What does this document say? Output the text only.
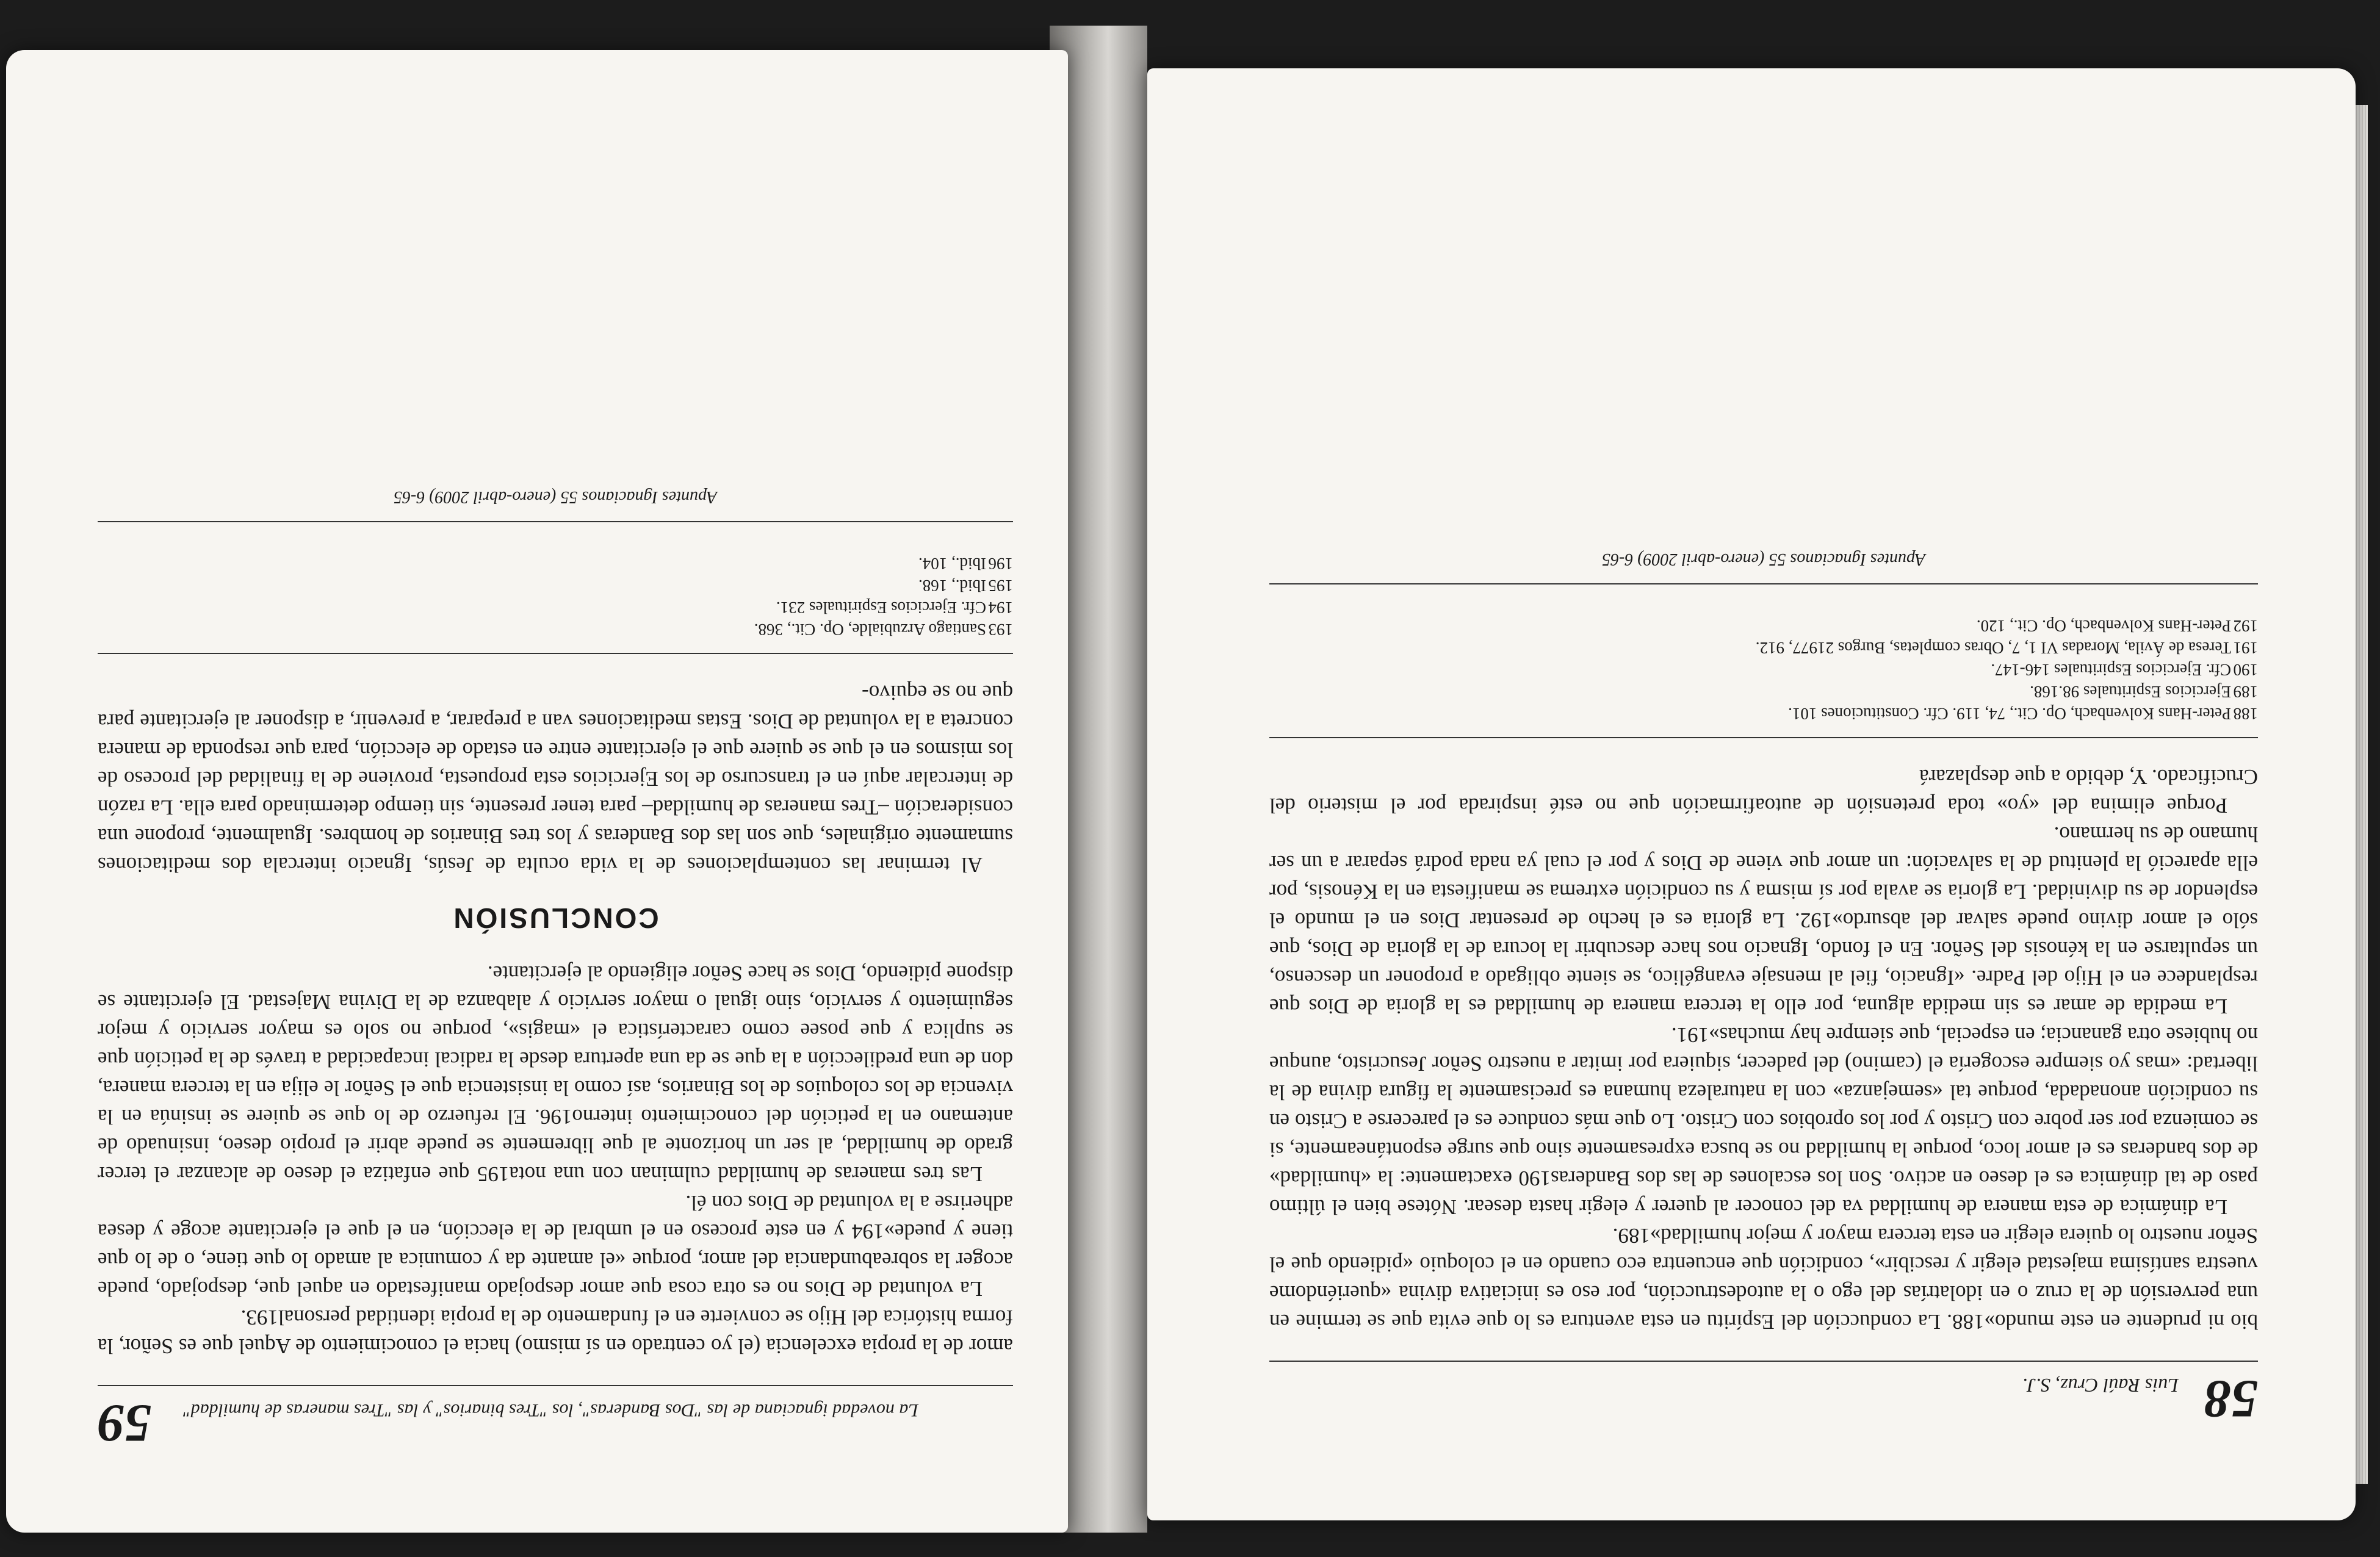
58
Luis Raúl Cruz, S.J.

bio ni prudente en este mundo»188. La conducción del Espíritu en esta aventura es lo que evita que se termine en una perversión de la cruz o en idolatrías del ego o la autodestrucción, por eso es iniciativa divina «queriéndome vuestra santísima majestad elegir y rescibir», condición que encuentra eco cuando en el coloquio «pidiendo que el Señor nuestro lo quiera elegir en esta tercera mayor y mejor humildad»189.

La dinámica de esta manera de humildad va del conocer al querer y elegir hasta desear. Nótese bien el último paso de tal dinámica es el deseo en activo. Son los escalones de las dos Banderas190 exactamente: la «humildad» de dos banderas es el amor loco, porque la humildad no se busca expresamente sino que surge espontáneamente, si se comienza por ser pobre con Cristo y por los oprobios con Cristo. Lo que más conduce es el parecerse a Cristo en su condición anonadada, porque tal «semejanza» con la naturaleza humana es precisamente la figura divina de la libertad: «mas yo siempre escogería el (camino) del padecer, siquiera por imitar a nuestro Señor Jesucristo, aunque no hubiese otra ganancia; en especial, que siempre hay muchas»191.

La medida de amar es sin medida alguna, por ello la tercera manera de humildad es la gloria de Dios que resplandece en el Hijo del Padre. «Ignacio, fiel al mensaje evangélico, se siente obligado a proponer un descenso, un sepultarse en la kénosis del Señor. En el fondo, Ignacio nos hace descubrir la locura de la gloria de Dios, que sólo el amor divino puede salvar del absurdo»192. La gloria es el hecho de presentar Dios en el mundo el esplendor de su divinidad. La gloria se avala por sí misma y su condición extrema se manifiesta en la Kénosis, por ella apareció la plenitud de la salvación: un amor que viene de Dios y por el cual ya nada podrá separar a un ser humano de su hermano.

Porque elimina del «yo» toda pretensión de autoafirmación que no esté inspirada por el misterio del Crucificado. Y, debido a que desplazará

188
Peter-Hans Kolvenbach, Op. Cit., 74, 119. Cfr. Constituciones 101.
189
Ejercicios Espirituales 98.168.
190
Cfr. Ejercicios Espirituales 146-147.
191
Teresa de Ávila, Moradas VI 1, 7, Obras completas, Burgos 21977, 912.
192
Peter-Hans Kolvenbach, Op. Cit., 120.
Apuntes Ignacianos 55 (enero-abril 2009) 6-65
La novedad ignaciana de las "Dos Banderas", los "Tres binarios" y las "Tres maneras de humildad"
59

amor de la propia excelencia (el yo centrado en sí mismo) hacia el conocimiento de Aquel que es Señor, la forma histórica del Hijo se convierte en el fundamento de la propia identidad personal193.

La voluntad de Dios no es otra cosa que amor despojado manifestado en aquel que, despojado, puede acoger la sobreabundancia del amor, porque «el amante da y comunica al amado lo que tiene, o de lo que tiene y puede»194 y en este proceso en el umbral de la elección, en el que el ejercitante acoge y desea adherirse a la voluntad de Dios con él.

Las tres maneras de humildad culminan con una nota195 que enfatiza el deseo de alcanzar el tercer grado de humildad, al ser un horizonte al que libremente se puede abrir el propio deseo, insinuado de antemano en la petición del conocimiento interno196. El refuerzo de lo que se quiere se insinúa en la vivencia de los coloquios de los Binarios, así como la insistencia que el Señor le elija en la tercera manera, don de una predilección a la que se da una apertura desde la radical incapacidad a través de la petición que se suplica y que posee como característica el «magis», porque no solo es mayor servicio y mejor seguimiento y servicio, sino igual o mayor servicio y alabanza de la Divina Majestad. El ejercitante se dispone pidiendo, Dios se hace Señor eligiendo al ejercitante.

CONCLUSIÓN

Al terminar las contemplaciones de la vida oculta de Jesús, Ignacio intercala dos meditaciones sumamente originales, que son las dos Banderas y los tres Binarios de hombres. Igualmente, propone una consideración –Tres maneras de humildad– para tener presente, sin tiempo determinado para ella. La razón de intercalar aquí en el transcurso de los Ejercicios esta propuesta, proviene de la finalidad del proceso de los mismos en el que se quiere que el ejercitante entre en estado de elección, para que responda de manera concreta a la voluntad de Dios. Estas meditaciones van a preparar, a prevenir, a disponer al ejercitante para que no se equivo-

193
Santiago Arzubialde, Op. Cit., 368.
194
Cfr. Ejercicios Espirituales 231.
195
Ibid., 168.
196
Ibid., 104.
Apuntes Ignacianos 55 (enero-abril 2009) 6-65
